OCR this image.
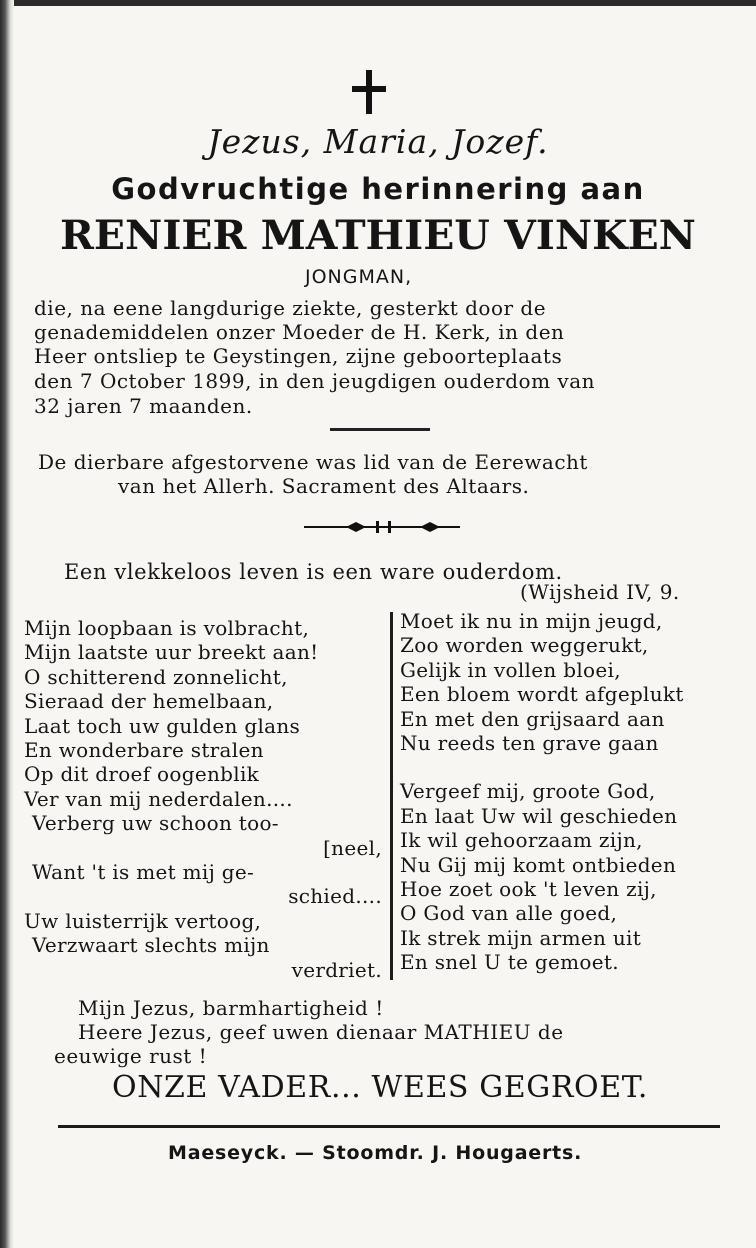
Jezus, Maria, Jozef.
Godvruchtige herinnering aan
RENIER MATHIEU VINKEN
JONGMAN,
die, na eene langdurige ziekte, gesterkt door de
genademiddelen onzer Moeder de H. Kerk, in den
Heer ontsliep te Geystingen, zijne geboorteplaats
den 7 October 1899, in den jeugdigen ouderdom van
32 jaren 7 maanden.
De dierbare afgestorvene was lid van de Eerewacht
van het Allerh. Sacrament des Altaars.
Een vlekkeloos leven is een ware ouderdom.
(Wijsheid IV, 9.
Mijn loopbaan is volbracht,
Mijn laatste uur breekt aan!
O schitterend zonnelicht,
Sieraad der hemelbaan,
Laat toch uw gulden glans
En wonderbare stralen
Op dit droef oogenblik
Ver van mij nederdalen....
Verberg uw schoon too-
[neel,
Want 't is met mij ge-
schied....
Uw luisterrijk vertoog,
Verzwaart slechts mijn
verdriet.
Moet ik nu in mijn jeugd,
Zoo worden weggerukt,
Gelijk in vollen bloei,
Een bloem wordt afgeplukt
En met den grijsaard aan
Nu reeds ten grave gaan
Vergeef mij, groote God,
En laat Uw wil geschieden
Ik wil gehoorzaam zijn,
Nu Gij mij komt ontbieden
Hoe zoet ook 't leven zij,
O God van alle goed,
Ik strek mijn armen uit
En snel U te gemoet.
Mijn Jezus, barmhartigheid !
Heere Jezus, geef uwen dienaar MATHIEU de
eeuwige rust !
ONZE VADER... WEES GEGROET.
Maeseyck. — Stoomdr. J. Hougaerts.
